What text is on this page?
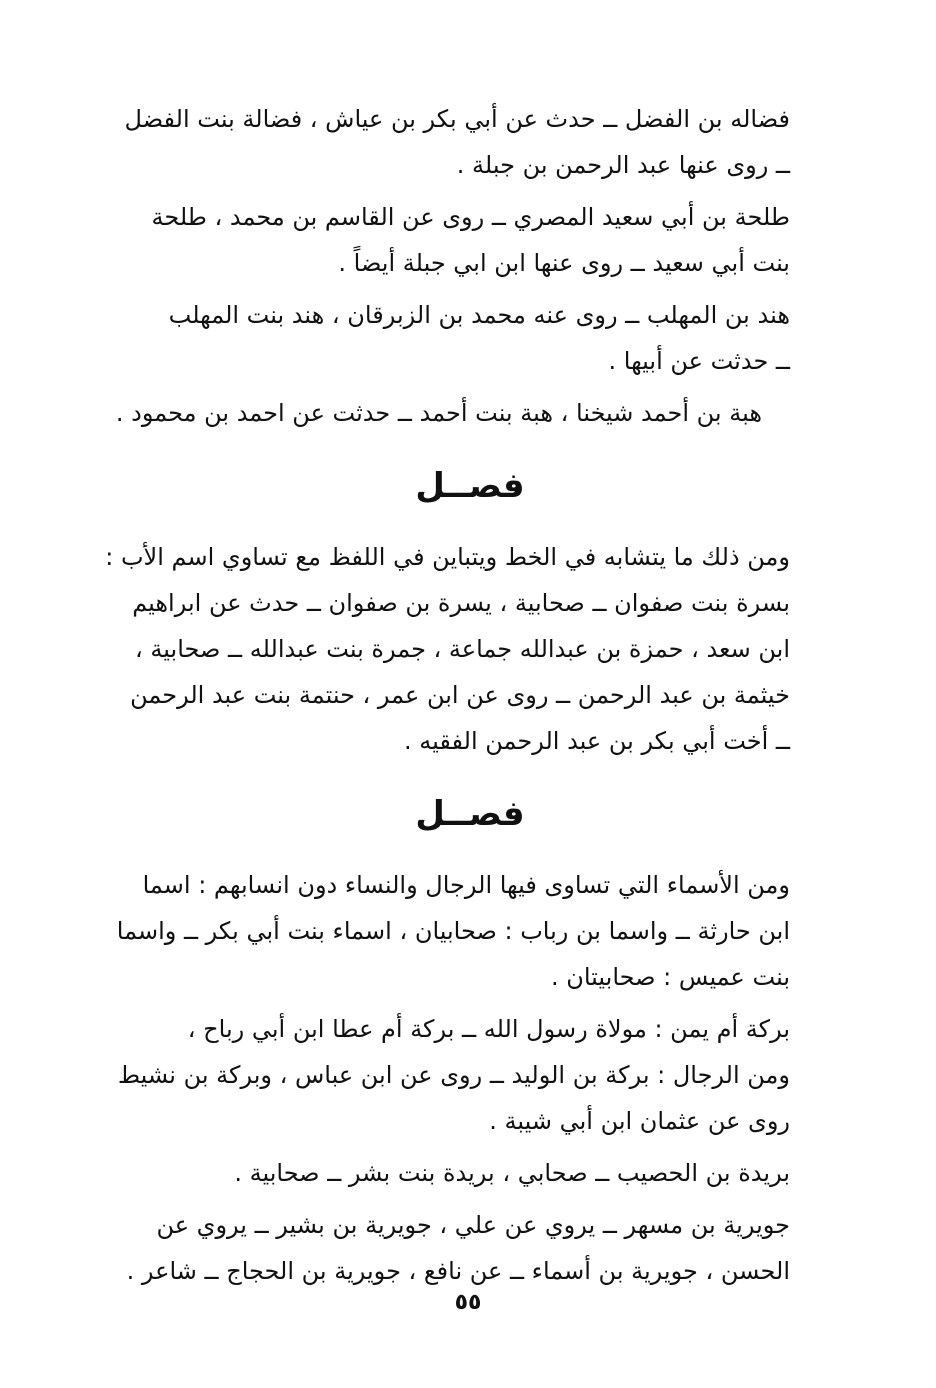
فضاله بن الفضل ــ حدث عن أبي بكر بن عياش ، فضالة بنت الفضل
ــ روى عنها عبد الرحمن بن جبلة .
طلحة بن أبي سعيد المصري ــ روى عن القاسم بن محمد ، طلحة
بنت أبي سعيد ــ روى عنها ابن ابي جبلة أيضاً .
هند بن المهلب ــ روى عنه محمد بن الزبرقان ، هند بنت المهلب
ــ حدثت عن أبيها .
هبة بن أحمد شيخنا ، هبة بنت أحمد ــ حدثت عن احمد بن محمود .
فصــل
ومن ذلك ما يتشابه في الخط ويتباين في اللفظ مع تساوي اسم الأب :
بسرة بنت صفوان ــ صحابية ، يسرة بن صفوان ــ حدث عن ابراهيم
ابن سعد ، حمزة بن عبدالله جماعة ، جمرة بنت عبدالله ــ صحابية ،
خيثمة بن عبد الرحمن ــ روى عن ابن عمر ، حنتمة بنت عبد الرحمن
ــ أخت أبي بكر بن عبد الرحمن الفقيه .
فصــل
ومن الأسماء التي تساوى فيها الرجال والنساء دون انسابهم : اسما
ابن حارثة ــ واسما بن رباب : صحابيان ، اسماء بنت أبي بكر ــ واسما
بنت عميس : صحابيتان .
بركة أم يمن : مولاة رسول الله ــ بركة أم عطا ابن أبي رباح ،
ومن الرجال : بركة بن الوليد ــ روى عن ابن عباس ، وبركة بن نشيط
روى عن عثمان ابن أبي شيبة .
بريدة بن الحصيب ــ صحابي ، بريدة بنت بشر ــ صحابية .
جويرية بن مسهر ــ يروي عن علي ، جويرية بن بشير ــ يروي عن
الحسن ، جويرية بن أسماء ــ عن نافع ، جويرية بن الحجاج ــ شاعر .
٥٥
